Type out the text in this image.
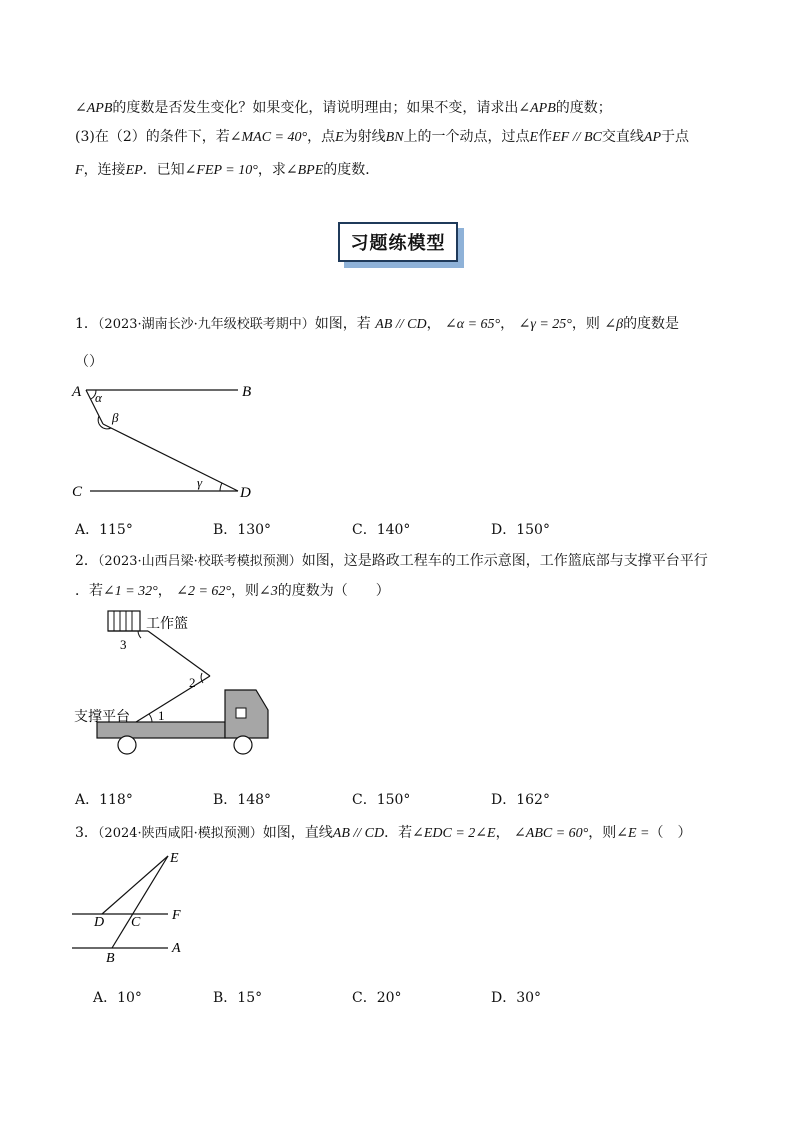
∠APB的度数是否发生变化？如果变化，请说明理由；如果不变，请求出∠APB的度数；
(3)在（2）的条件下，若∠MAC = 40°，点E为射线BN上的一个动点，过点E作EF // BC交直线AP于点
F，连接EP．已知∠FEP = 10°，求∠BPE的度数．
习题练模型
1．（2023·湖南长沙·九年级校联考期中）如图，若 AB // CD， ∠α = 65°， ∠γ = 25°，则 ∠β的度数是
（）
A	B
C	D
α
β
γ
A．115°	B．130°	C．140°	D．150°
2．（2023·山西吕梁·校联考模拟预测）如图，这是路政工程车的工作示意图，工作篮底部与支撑平台平行
．若∠1 = 32°， ∠2 = 62°，则∠3的度数为（　　）
工作篮
支撑平台 1
2
3
A．118°	B．148°	C．150°	D．162°
3．（2024·陕西咸阳·模拟预测）如图，直线AB // CD．若∠EDC = 2∠E， ∠ABC = 60°，则∠E =（　）
E
D C F
B
A
A．10°	B．15°	C．20°	D．30°
